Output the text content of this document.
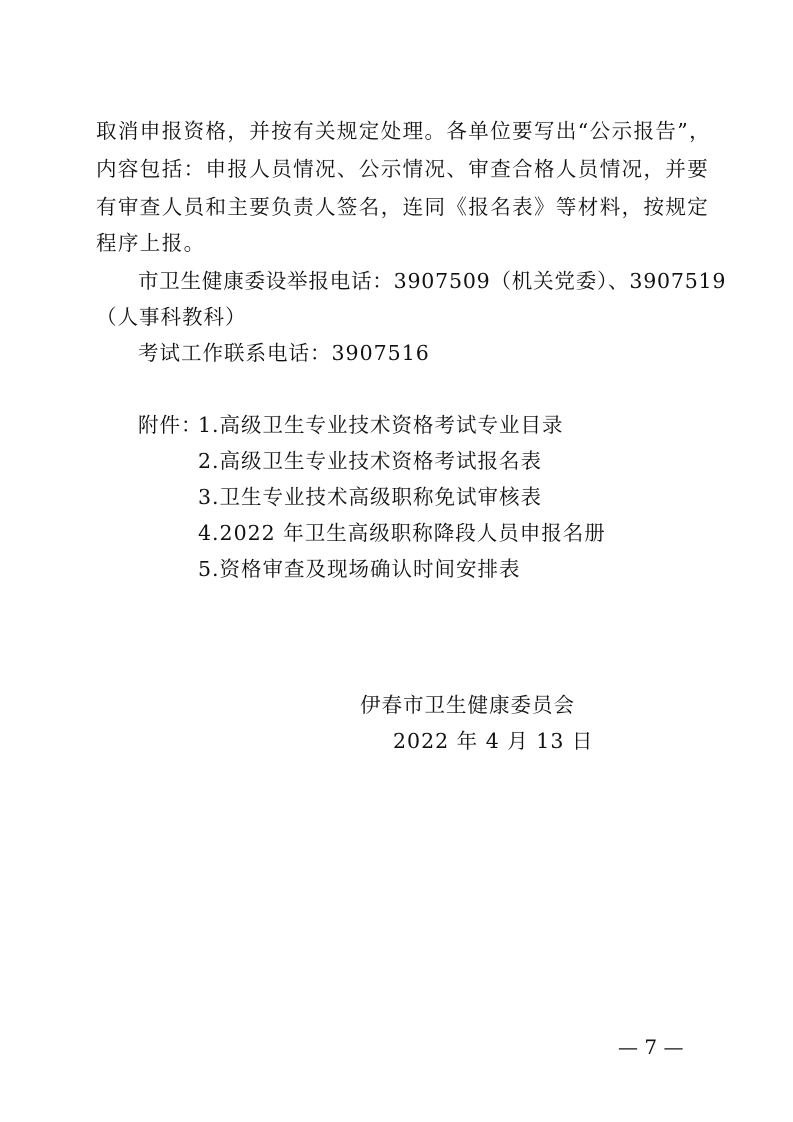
取消申报资格，并按有关规定处理。各单位要写出“公示报告”，
内容包括：申报人员情况、公示情况、审查合格人员情况，并要
有审查人员和主要负责人签名，连同《报名表》等材料，按规定
程序上报。
市卫生健康委设举报电话：3907509（机关党委）、3907519
（人事科教科）
考试工作联系电话：3907516
附件：
1.高级卫生专业技术资格考试专业目录
2.高级卫生专业技术资格考试报名表
3.卫生专业技术高级职称免试审核表
4.2022 年卫生高级职称降段人员申报名册
5.资格审查及现场确认时间安排表
伊春市卫生健康委员会
2022 年 4 月 13 日
— 7 —
